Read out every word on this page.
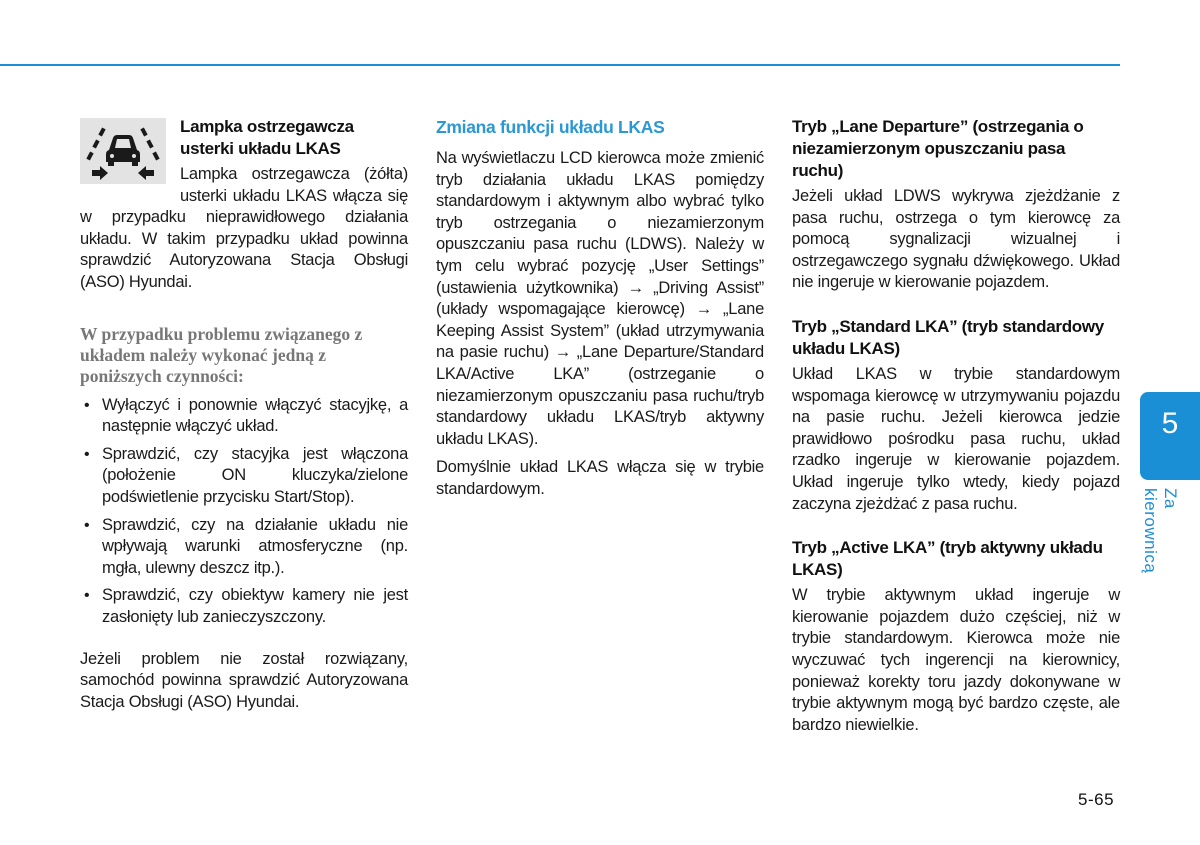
Lampka ostrzegawcza usterki układu LKAS

Lampka ostrzegawcza (żółta) usterki układu LKAS włącza się w przypadku nieprawidłowego działania układu. W takim przypadku układ powinna sprawdzić Autoryzowana Stacja Obsługi (ASO) Hyundai.

W przypadku problemu związanego z układem należy wykonać jedną z poniższych czynności:

• Wyłączyć i ponownie włączyć stacyjkę, a następnie włączyć układ.

• Sprawdzić, czy stacyjka jest włączona (położenie ON kluczyka/zielone podświetlenie przycisku Start/Stop).

• Sprawdzić, czy na działanie układu nie wpływają warunki atmosferyczne (np. mgła, ulewny deszcz itp.).

• Sprawdzić, czy obiektyw kamery nie jest zasłonięty lub zanieczyszczony.

Jeżeli problem nie został rozwiązany, samochód powinna sprawdzić Autoryzowana Stacja Obsługi (ASO) Hyundai.

Zmiana funkcji układu LKAS

Na wyświetlaczu LCD kierowca może zmienić tryb działania układu LKAS pomiędzy standardowym i aktywnym albo wybrać tylko tryb ostrzegania o niezamierzonym opuszczaniu pasa ruchu (LDWS). Należy w tym celu wybrać pozycję „User Settings” (ustawienia użytkownika) → „Driving Assist” (układy wspomagające kierowcę) → „Lane Keeping Assist System” (układ utrzymywania na pasie ruchu) → „Lane Departure/Standard LKA/Active LKA” (ostrzeganie o niezamierzonym opuszczaniu pasa ruchu/tryb standardowy układu LKAS/tryb aktywny układu LKAS).

Domyślnie układ LKAS włącza się w trybie standardowym.

Tryb „Lane Departure” (ostrzegania o niezamierzonym opuszczaniu pasa ruchu)

Jeżeli układ LDWS wykrywa zjeżdżanie z pasa ruchu, ostrzega o tym kierowcę za pomocą sygnalizacji wizualnej i ostrzegawczego sygnału dźwiękowego. Układ nie ingeruje w kierowanie pojazdem.

Tryb „Standard LKA” (tryb standardowy układu LKAS)

Układ LKAS w trybie standardowym wspomaga kierowcę w utrzymywaniu pojazdu na pasie ruchu. Jeżeli kierowca jedzie prawidłowo pośrodku pasa ruchu, układ rzadko ingeruje w kierowanie pojazdem. Układ ingeruje tylko wtedy, kiedy pojazd zaczyna zjeżdżać z pasa ruchu.

Tryb „Active LKA” (tryb aktywny układu LKAS)

W trybie aktywnym układ ingeruje w kierowanie pojazdem dużo częściej, niż w trybie standardowym. Kierowca może nie wyczuwać tych ingerencji na kierownicy, ponieważ korekty toru jazdy dokonywane w trybie aktywnym mogą być bardzo częste, ale bardzo niewielkie.

5
Za kierownicą
5-65
